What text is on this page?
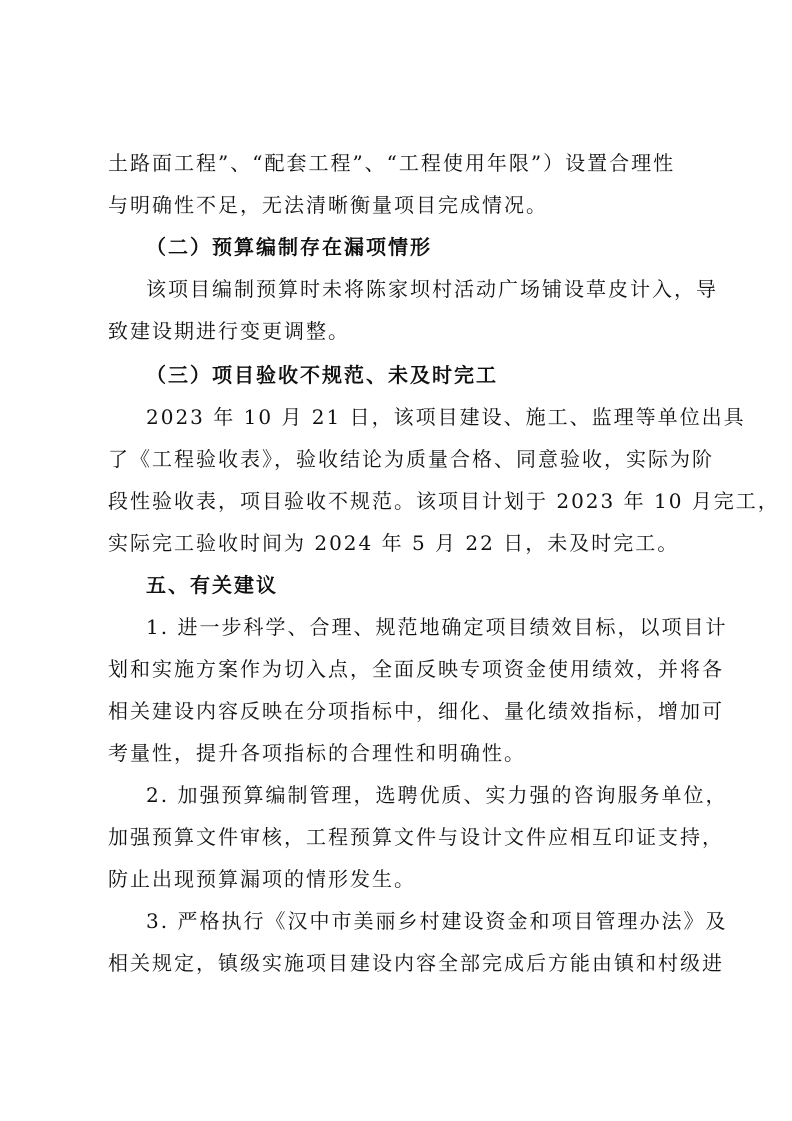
土路面工程”、“配套工程”、“工程使用年限”）设置合理性
与明确性不足，无法清晰衡量项目完成情况。
（二）预算编制存在漏项情形
该项目编制预算时未将陈家坝村活动广场铺设草皮计入，导
致建设期进行变更调整。
（三）项目验收不规范、未及时完工
2023 年 10 月 21 日，该项目建设、施工、监理等单位出具
了《工程验收表》，验收结论为质量合格、同意验收，实际为阶
段性验收表，项目验收不规范。该项目计划于 2023 年 10 月完工，
实际完工验收时间为 2024 年 5 月 22 日，未及时完工。
五、有关建议
1. 进一步科学、合理、规范地确定项目绩效目标，以项目计
划和实施方案作为切入点，全面反映专项资金使用绩效，并将各
相关建设内容反映在分项指标中，细化、量化绩效指标，增加可
考量性，提升各项指标的合理性和明确性。
2. 加强预算编制管理，选聘优质、实力强的咨询服务单位，
加强预算文件审核，工程预算文件与设计文件应相互印证支持，
防止出现预算漏项的情形发生。
3. 严格执行《汉中市美丽乡村建设资金和项目管理办法》及
相关规定，镇级实施项目建设内容全部完成后方能由镇和村级进
